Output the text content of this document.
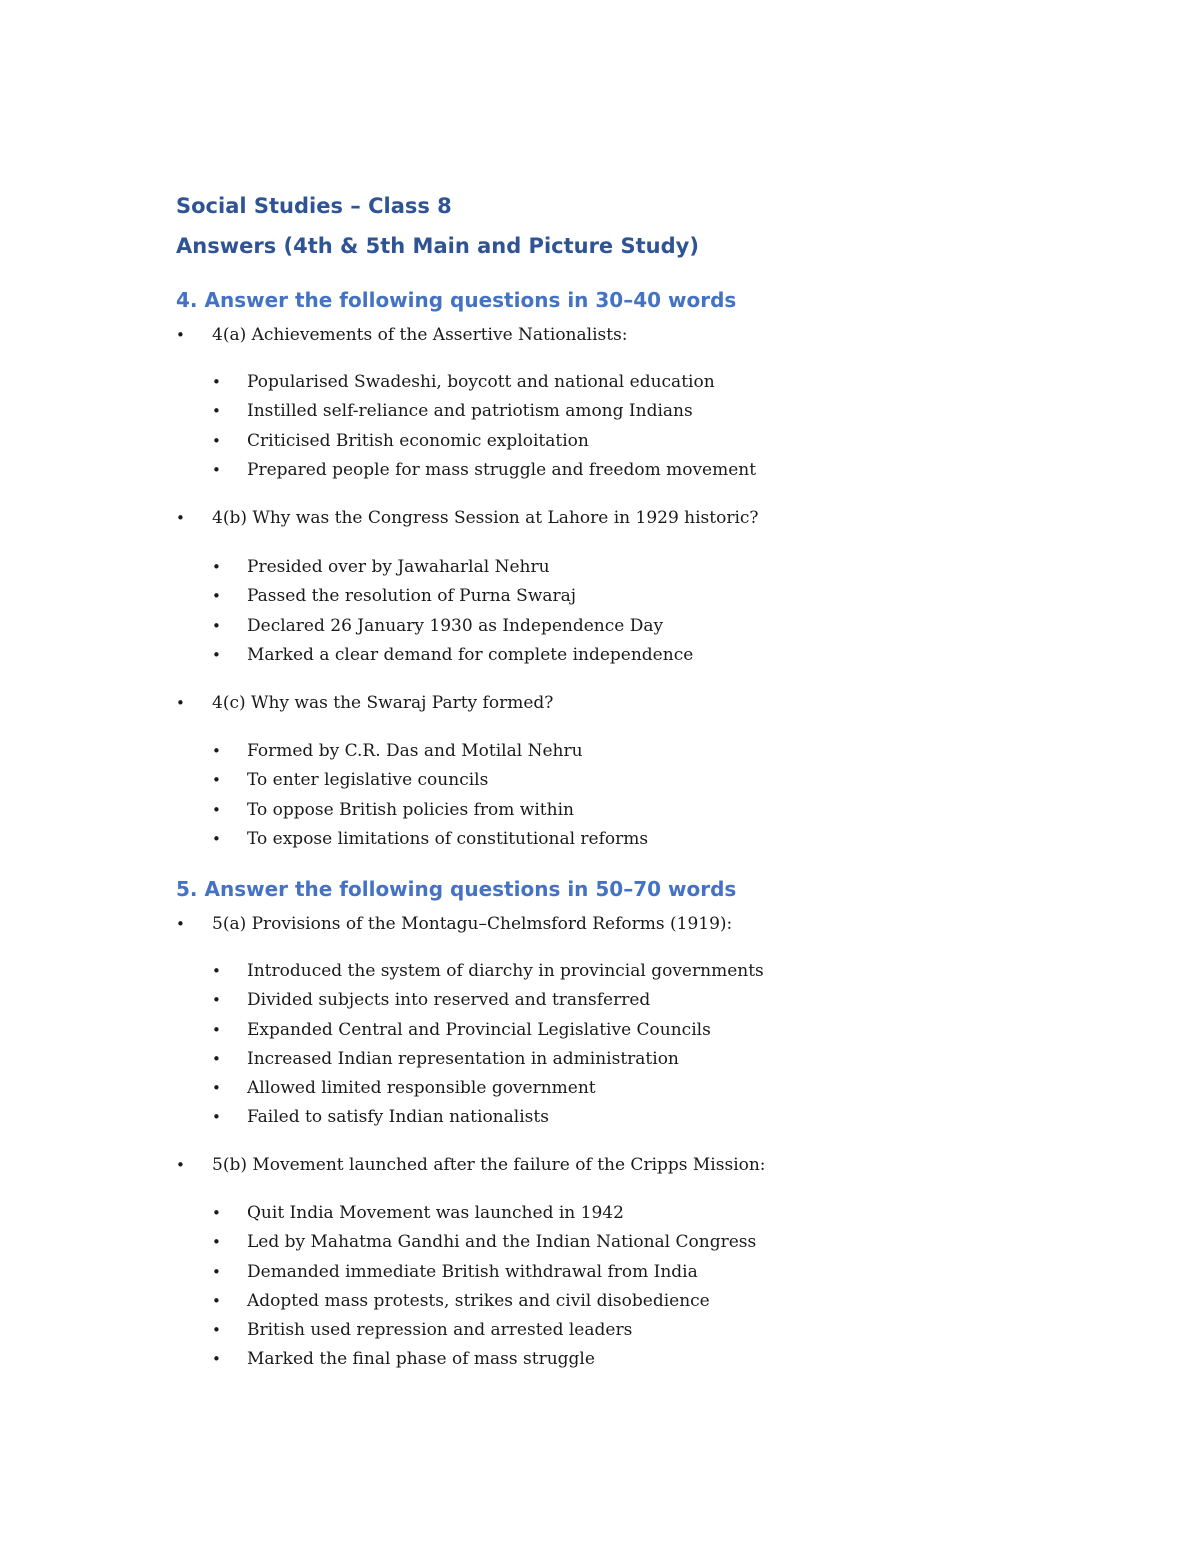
Social Studies – Class 8
Answers (4th & 5th Main and Picture Study)
4. Answer the following questions in 30–40 words
• 4(a) Achievements of the Assertive Nationalists:
• Popularised Swadeshi, boycott and national education
• Instilled self-reliance and patriotism among Indians
• Criticised British economic exploitation
• Prepared people for mass struggle and freedom movement
• 4(b) Why was the Congress Session at Lahore in 1929 historic?
• Presided over by Jawaharlal Nehru
• Passed the resolution of Purna Swaraj
• Declared 26 January 1930 as Independence Day
• Marked a clear demand for complete independence
• 4(c) Why was the Swaraj Party formed?
• Formed by C.R. Das and Motilal Nehru
• To enter legislative councils
• To oppose British policies from within
• To expose limitations of constitutional reforms
5. Answer the following questions in 50–70 words
• 5(a) Provisions of the Montagu–Chelmsford Reforms (1919):
• Introduced the system of diarchy in provincial governments
• Divided subjects into reserved and transferred
• Expanded Central and Provincial Legislative Councils
• Increased Indian representation in administration
• Allowed limited responsible government
• Failed to satisfy Indian nationalists
• 5(b) Movement launched after the failure of the Cripps Mission:
• Quit India Movement was launched in 1942
• Led by Mahatma Gandhi and the Indian National Congress
• Demanded immediate British withdrawal from India
• Adopted mass protests, strikes and civil disobedience
• British used repression and arrested leaders
• Marked the final phase of mass struggle
